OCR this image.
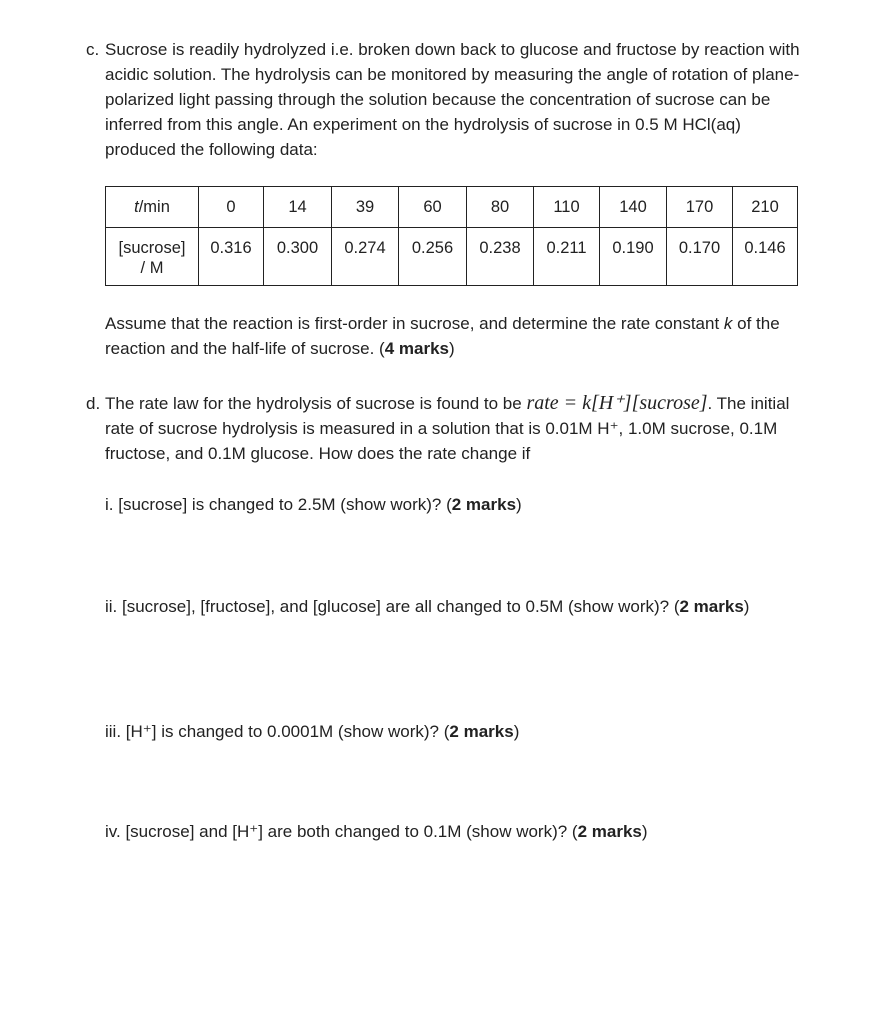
c. Sucrose is readily hydrolyzed i.e. broken down back to glucose and fructose by reaction with acidic solution. The hydrolysis can be monitored by measuring the angle of rotation of plane-polarized light passing through the solution because the concentration of sucrose can be inferred from this angle. An experiment on the hydrolysis of sucrose in 0.5 M HCl(aq) produced the following data:
t/min	0	14	39	60	80	110	140	170	210

[sucrose]
/ M	0.316	0.300	0.274	0.256	0.238	0.211	0.190	0.170	0.146
Assume that the reaction is first-order in sucrose, and determine the rate constant k of the reaction and the half-life of sucrose. (4 marks)
d. The rate law for the hydrolysis of sucrose is found to be rate = k[H⁺][sucrose]. The initial rate of sucrose hydrolysis is measured in a solution that is 0.01M H⁺, 1.0M sucrose, 0.1M fructose, and 0.1M glucose. How does the rate change if
i. [sucrose] is changed to 2.5M (show work)? (2 marks)
ii. [sucrose], [fructose], and [glucose] are all changed to 0.5M (show work)? (2 marks)
iii. [H⁺] is changed to 0.0001M (show work)? (2 marks)
iv. [sucrose] and [H⁺] are both changed to 0.1M (show work)? (2 marks)
